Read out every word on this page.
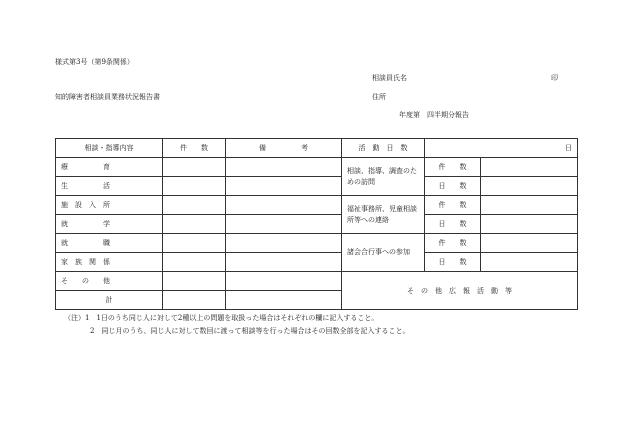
様式第3号（第9条関係）
相談員氏名	印
知的障害者相談員業務状況報告書	住所
年度第　四半期分報告
相談・指導内容	件　　数	備　　　　　考	活　動　日　数	日	
療　　　　　育			相談、指導、調査のための訪問	件　　数	
生　　　　　活				日　　数	
施　設　入　所			福祉事務所、児童相談所等への連絡	件　　数	
就　　　　　学				日　　数	
就　　　　　職			諸会合行事への参加	件　　数	
家　族　関　係				日　　数	
そ　　の　　他			そ　の　他　広　報　活　動　等		
計					
（注）1　1日のうち同じ人に対して2種以上の問題を取扱った場合はそれぞれの欄に記入すること。
2　同じ月のうち、同じ人に対して数回に渡って相談等を行った場合はその回数全部を記入すること。
